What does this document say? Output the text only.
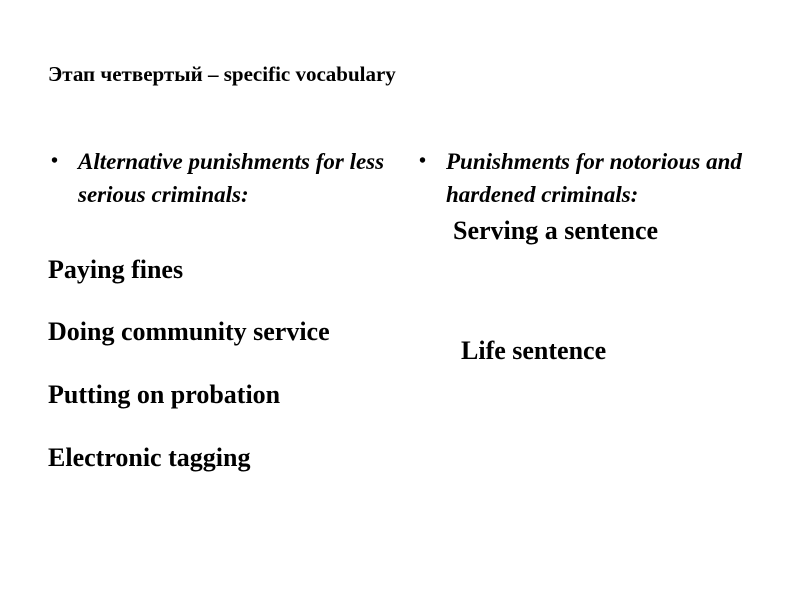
Этап четвертый – specific vocabulary
• Alternative punishments for less serious criminals:
• Punishments for notorious and hardened criminals:
Paying fines
Doing community service
Putting on probation
Electronic tagging
Serving a sentence
Life sentence
